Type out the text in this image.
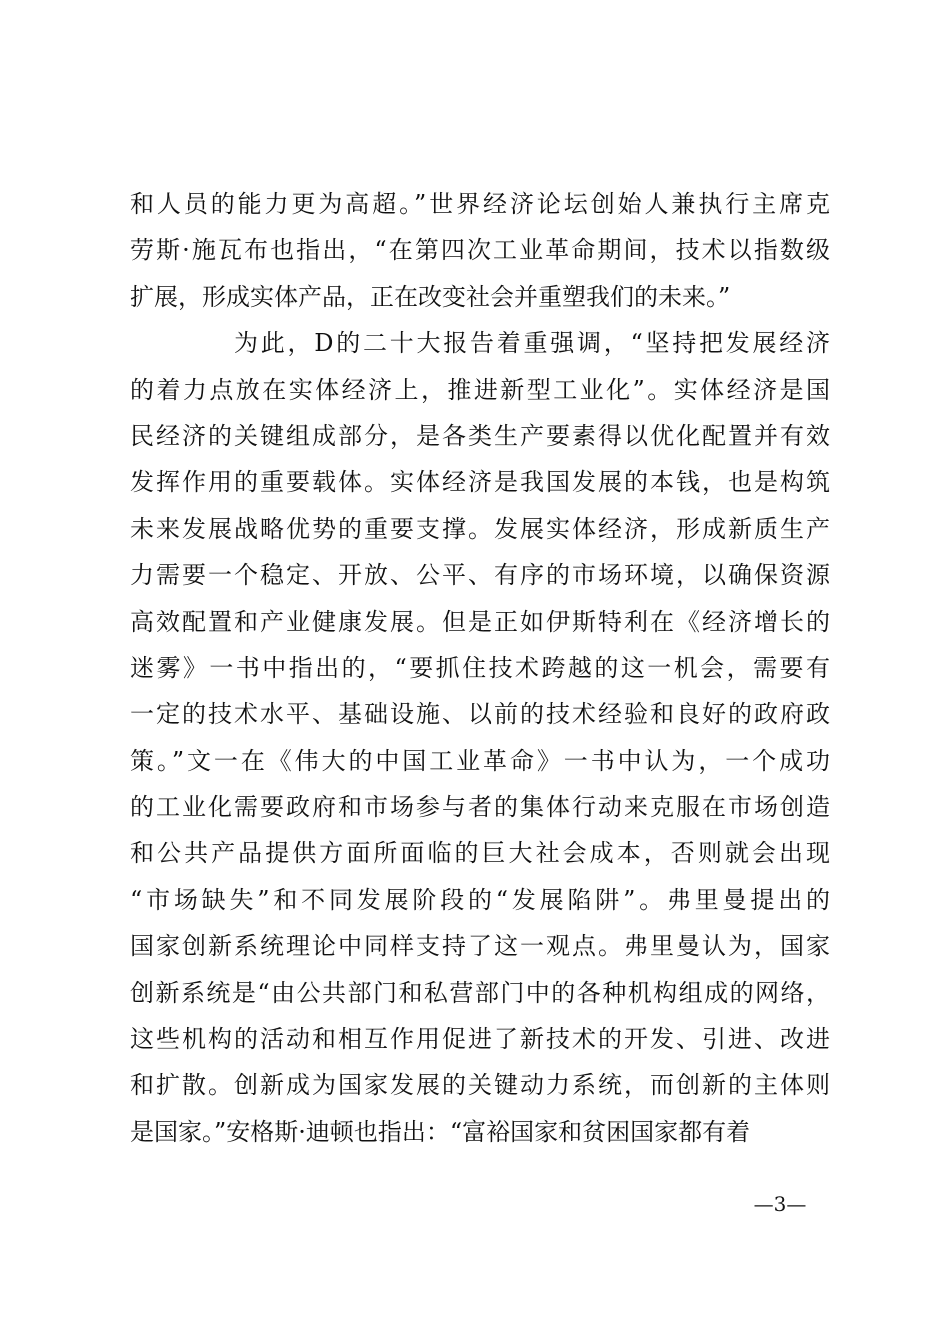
和人员的能力更为高超。”世界经济论坛创始人兼执行主席克
劳斯·施瓦布也指出，“在第四次工业革命期间，技术以指数级
扩展，形成实体产品，正在改变社会并重塑我们的未来。”
为此，D的二十大报告着重强调，“坚持把发展经济
的着力点放在实体经济上，推进新型工业化”。实体经济是国
民经济的关键组成部分，是各类生产要素得以优化配置并有效
发挥作用的重要载体。实体经济是我国发展的本钱，也是构筑
未来发展战略优势的重要支撑。发展实体经济，形成新质生产
力需要一个稳定、开放、公平、有序的市场环境，以确保资源
高效配置和产业健康发展。但是正如伊斯特利在《经济增长的
迷雾》一书中指出的，“要抓住技术跨越的这一机会，需要有
一定的技术水平、基础设施、以前的技术经验和良好的政府政
策。”文一在《伟大的中国工业革命》一书中认为，一个成功
的工业化需要政府和市场参与者的集体行动来克服在市场创造
和公共产品提供方面所面临的巨大社会成本，否则就会出现
“市场缺失”和不同发展阶段的“发展陷阱”。弗里曼提出的
国家创新系统理论中同样支持了这一观点。弗里曼认为，国家
创新系统是“由公共部门和私营部门中的各种机构组成的网络，
这些机构的活动和相互作用促进了新技术的开发、引进、改进
和扩散。创新成为国家发展的关键动力系统，而创新的主体则
是国家。”安格斯·迪顿也指出：“富裕国家和贫困国家都有着
—3—
